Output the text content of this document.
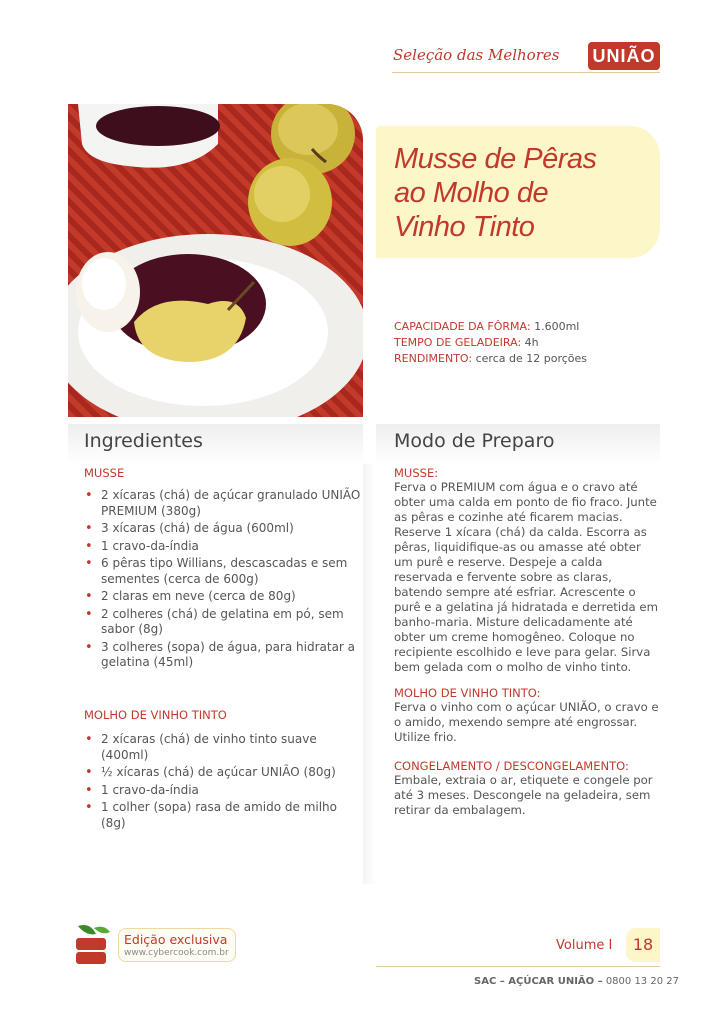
Seleção das Melhores UNIÃO
Musse de Pêras
ao Molho de
Vinho Tinto
CAPACIDADE DA FÔRMA: 1.600ml
TEMPO DE GELADEIRA: 4h
RENDIMENTO: cerca de 12 porções
Ingredientes	Modo de Preparo
MUSSE
• 2 xícaras (chá) de açúcar granulado UNIÃO PREMIUM (380g)
• 3 xícaras (chá) de água (600ml)
• 1 cravo-da-índia
• 6 pêras tipo Willians, descascadas e sem sementes (cerca de 600g)
• 2 claras em neve (cerca de 80g)
• 2 colheres (chá) de gelatina em pó, sem sabor (8g)
• 3 colheres (sopa) de água, para hidratar a gelatina (45ml)
MOLHO DE VINHO TINTO
• 2 xícaras (chá) de vinho tinto suave (400ml)
• ½ xícaras (chá) de açúcar UNIÃO (80g)
• 1 cravo-da-índia
• 1 colher (sopa) rasa de amido de milho (8g)
MUSSE:
Ferva o PREMIUM com água e o cravo até obter uma calda em ponto de fio fraco. Junte as pêras e cozinhe até ficarem macias. Reserve 1 xícara (chá) da calda. Escorra as pêras, liquidifique-as ou amasse até obter um purê e reserve. Despeje a calda reservada e fervente sobre as claras, batendo sempre até esfriar. Acrescente o purê e a gelatina já hidratada e derretida em banho-maria. Misture delicadamente até obter um creme homogêneo. Coloque no recipiente escolhido e leve para gelar. Sirva bem gelada com o molho de vinho tinto.
MOLHO DE VINHO TINTO:
Ferva o vinho com o açúcar UNIÃO, o cravo e o amido, mexendo sempre até engrossar. Utilize frio.
CONGELAMENTO / DESCONGELAMENTO:
Embale, extraia o ar, etiquete e congele por até 3 meses. Descongele na geladeira, sem retirar da embalagem.
Edição exclusiva
www.cybercook.com.br	Volume I	18
SAC – AÇÚCAR UNIÃO – 0800 13 20 27
